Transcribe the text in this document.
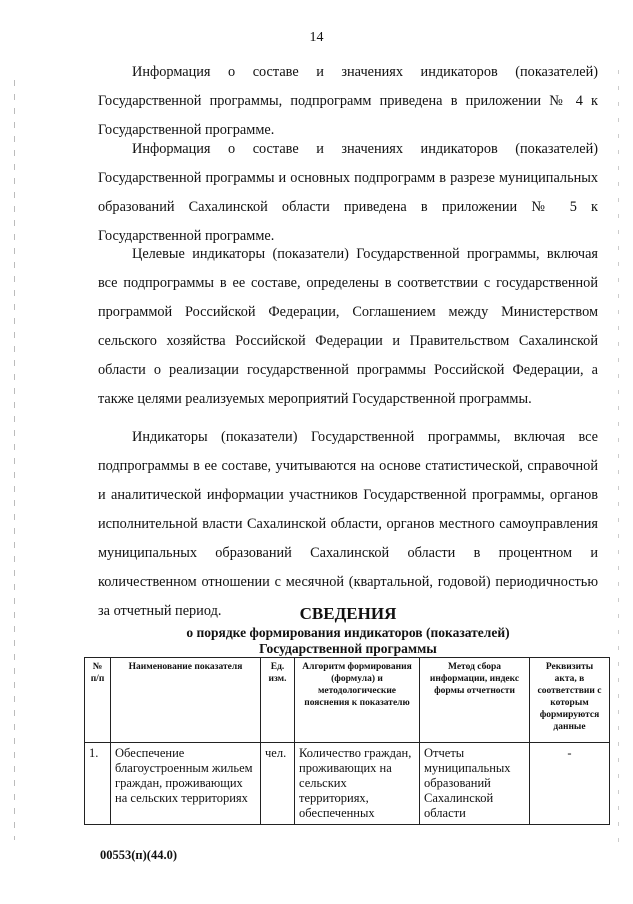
14
Информация о составе и значениях индикаторов (показателей) Государственной программы, подпрограмм приведена в приложении № 4 к Государственной программе.
Информация о составе и значениях индикаторов (показателей) Государственной программы и основных подпрограмм в разрезе муниципальных образований Сахалинской области приведена в приложении № 5 к Государственной программе.
Целевые индикаторы (показатели) Государственной программы, включая все подпрограммы в ее составе, определены в соответствии с государственной программой Российской Федерации, Соглашением между Министерством сельского хозяйства Российской Федерации и Правительством Сахалинской области о реализации государственной программы Российской Федерации, а также целями реализуемых мероприятий Государственной программы.
Индикаторы (показатели) Государственной программы, включая все подпрограммы в ее составе, учитываются на основе статистической, справочной и аналитической информации участников Государственной программы, органов исполнительной власти Сахалинской области, органов местного самоуправления муниципальных образований Сахалинской области в процентном и количественном отношении с месячной (квартальной, годовой) периодичностью за отчетный период.	СВЕДЕНИЯ
о порядке формирования индикаторов (показателей)
Государственной программы
№ п/п	Наименование показателя	Ед. изм.	Алгоритм формирования (формула) и методологические пояснения к показателю	Метод сбора информации, индекс формы отчетности	Реквизиты акта, в соответствии с которым формируются данные
1.	Обеспечение благоустроенным жильем граждан, проживающих на сельских территориях	чел.	Количество граждан, проживающих на сельских территориях, обеспеченных	Отчеты муниципальных образований Сахалинской области	-
00553(п)(44.0)
